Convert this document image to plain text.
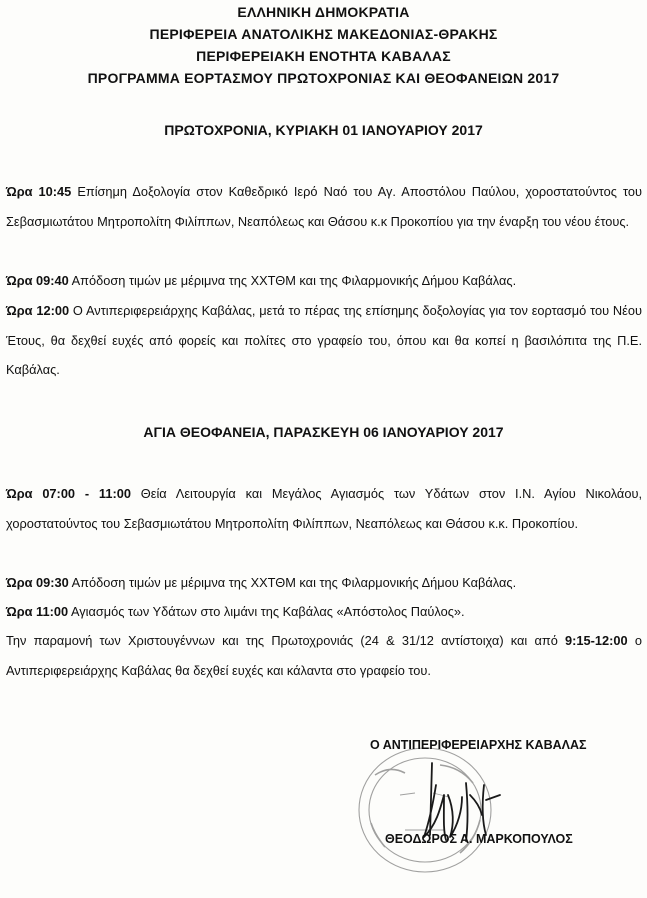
ΕΛΛΗΝΙΚΗ ΔΗΜΟΚΡΑΤΙΑ
ΠΕΡΙΦΕΡΕΙΑ ΑΝΑΤΟΛΙΚΗΣ ΜΑΚΕΔΟΝΙΑΣ-ΘΡΑΚΗΣ
ΠΕΡΙΦΕΡΕΙΑΚΗ ΕΝΟΤΗΤΑ ΚΑΒΑΛΑΣ
ΠΡΟΓΡΑΜΜΑ ΕΟΡΤΑΣΜΟΥ ΠΡΩΤΟΧΡΟΝΙΑΣ ΚΑΙ ΘΕΟΦΑΝΕΙΩΝ 2017
ΠΡΩΤΟΧΡΟΝΙΑ, ΚΥΡΙΑΚΗ 01 ΙΑΝΟΥΑΡΙΟΥ 2017
Ώρα 10:45 Επίσημη Δοξολογία στον Καθεδρικό Ιερό Ναό του Αγ. Αποστόλου Παύλου, χοροστατούντος του Σεβασμιωτάτου Μητροπολίτη Φιλίππων, Νεαπόλεως και Θάσου κ.κ Προκοπίου για την έναρξη του νέου έτους.
Ώρα 09:40 Απόδοση τιμών με μέριμνα της ΧΧΤΘΜ και της Φιλαρμονικής Δήμου Καβάλας.
Ώρα 12:00 Ο Αντιπεριφερειάρχης Καβάλας, μετά το πέρας της επίσημης δοξολογίας για τον εορτασμό του Νέου Έτους, θα δεχθεί ευχές από φορείς και πολίτες στο γραφείο του, όπου και θα κοπεί η βασιλόπιτα της Π.Ε. Καβάλας.
ΑΓΙΑ ΘΕΟΦΑΝΕΙΑ, ΠΑΡΑΣΚΕΥΗ 06 ΙΑΝΟΥΑΡΙΟΥ 2017
Ώρα 07:00 - 11:00 Θεία Λειτουργία και Μεγάλος Αγιασμός των Υδάτων στον Ι.Ν. Αγίου Νικολάου, χοροστατούντος του Σεβασμιωτάτου Μητροπολίτη Φιλίππων, Νεαπόλεως και Θάσου κ.κ. Προκοπίου.
Ώρα 09:30 Απόδοση τιμών με μέριμνα της ΧΧΤΘΜ και της Φιλαρμονικής Δήμου Καβάλας.
Ώρα 11:00 Αγιασμός των Υδάτων στο λιμάνι της Καβάλας «Απόστολος Παύλος».
Την παραμονή των Χριστουγέννων και της Πρωτοχρονιάς (24 & 31/12 αντίστοιχα) και από 9:15-12:00 ο Αντιπεριφερειάρχης Καβάλας θα δεχθεί ευχές και κάλαντα στο γραφείο του.
Ο ΑΝΤΙΠΕΡΙΦΕΡΕΙΑΡΧΗΣ ΚΑΒΑΛΑΣ
ΘΕΟΔΩΡΟΣ Α. ΜΑΡΚΟΠΟΥΛΟΣ
